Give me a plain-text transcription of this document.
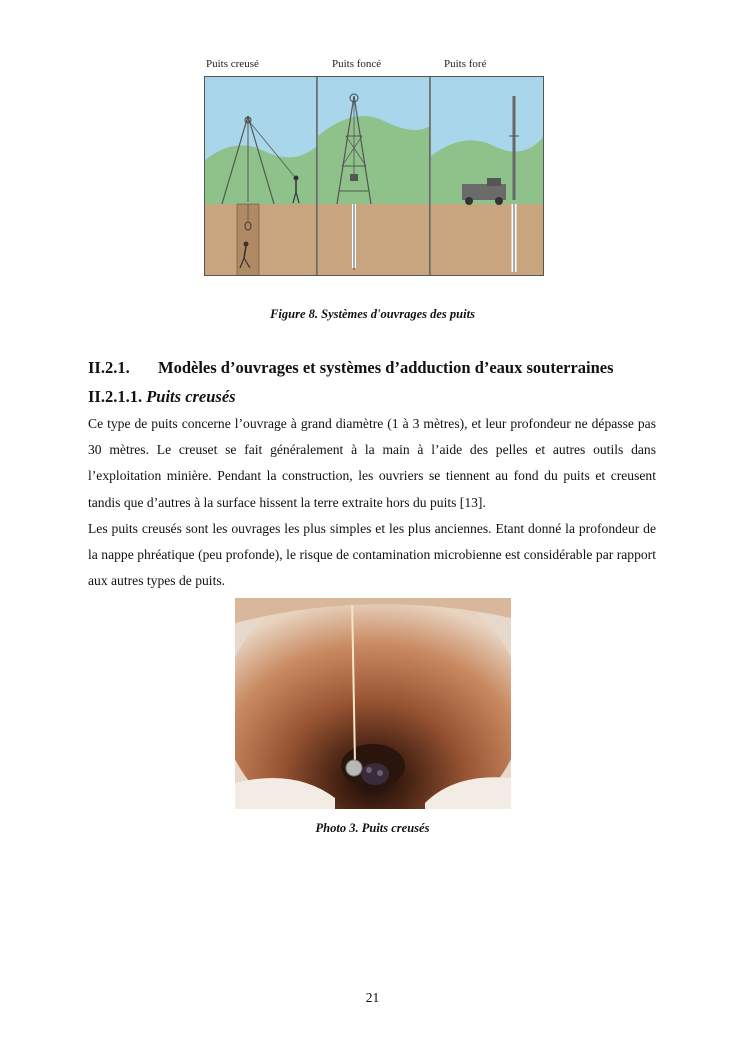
Puits creusé	Puits foncé	Puits foré
Figure 8. Systèmes d'ouvrages des puits
II.2.1. Modèles d’ouvrages et systèmes d’adduction d’eaux souterraines
II.2.1.1. Puits creusés

Ce type de puits concerne l’ouvrage à grand diamètre (1 à 3 mètres), et leur profondeur ne dépasse pas 30 mètres. Le creuset se fait généralement à la main à l’aide des pelles et autres outils dans l’exploitation minière. Pendant la construction, les ouvriers se tiennent au fond du puits et creusent tandis que d’autres à la surface hissent la terre extraite hors du puits [13].

Les puits creusés sont les ouvrages les plus simples et les plus anciennes. Etant donné la profondeur de la nappe phréatique (peu profonde), le risque de contamination microbienne est considérable par rapport aux autres types de puits.

Photo 3. Puits creusés
21
